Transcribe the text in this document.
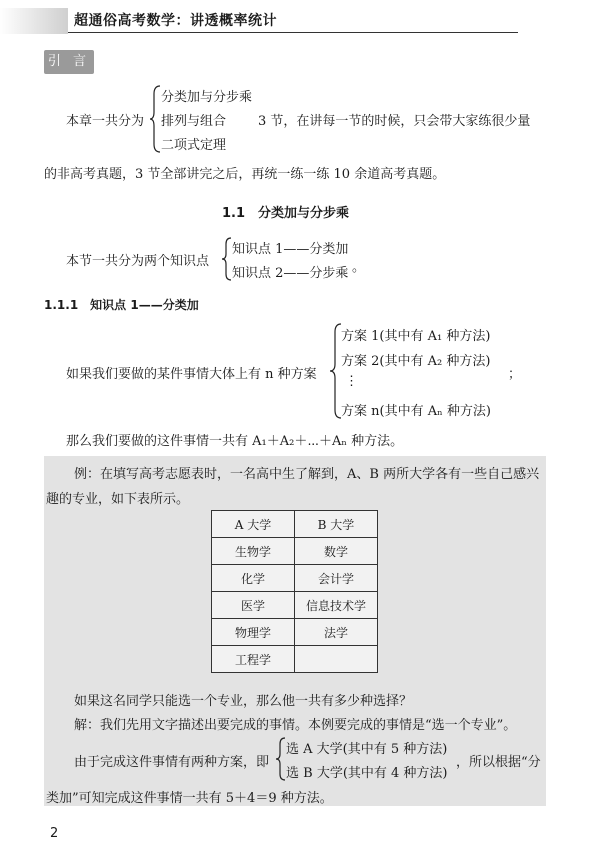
超通俗高考数学：讲透概率统计
引 言
本章一共分为
分类加与分步乘
排列与组合
二项式定理
3 节，在讲每一节的时候，只会带大家练很少量
的非高考真题，3 节全部讲完之后，再统一练一练 10 余道高考真题。
1.1　分类加与分步乘
本节一共分为两个知识点
知识点 1——分类加
知识点 2——分步乘 。
1.1.1　知识点 1——分类加
如果我们要做的某件事情大体上有 n 种方案
方案 1(其中有 A₁ 种方法)
方案 2(其中有 A₂ 种方法)
⋮
方案 n(其中有 Aₙ 种方法)
；
那么我们要做的这件事情一共有 A₁＋A₂＋⋯＋Aₙ 种方法。
例：在填写高考志愿表时，一名高中生了解到，A、B 两所大学各有一些自己感兴
趣的专业，如下表所示。
A 大学	B 大学
生物学	数学
化学	会计学
医学	信息技术学
物理学	法学
工程学	
如果这名同学只能选一个专业，那么他一共有多少种选择？
解：我们先用文字描述出要完成的事情。本例要完成的事情是“选一个专业”。
由于完成这件事情有两种方案，即
选 A 大学(其中有 5 种方法)
选 B 大学(其中有 4 种方法)
，所以根据“分
类加”可知完成这件事情一共有 5＋4＝9 种方法。
2
